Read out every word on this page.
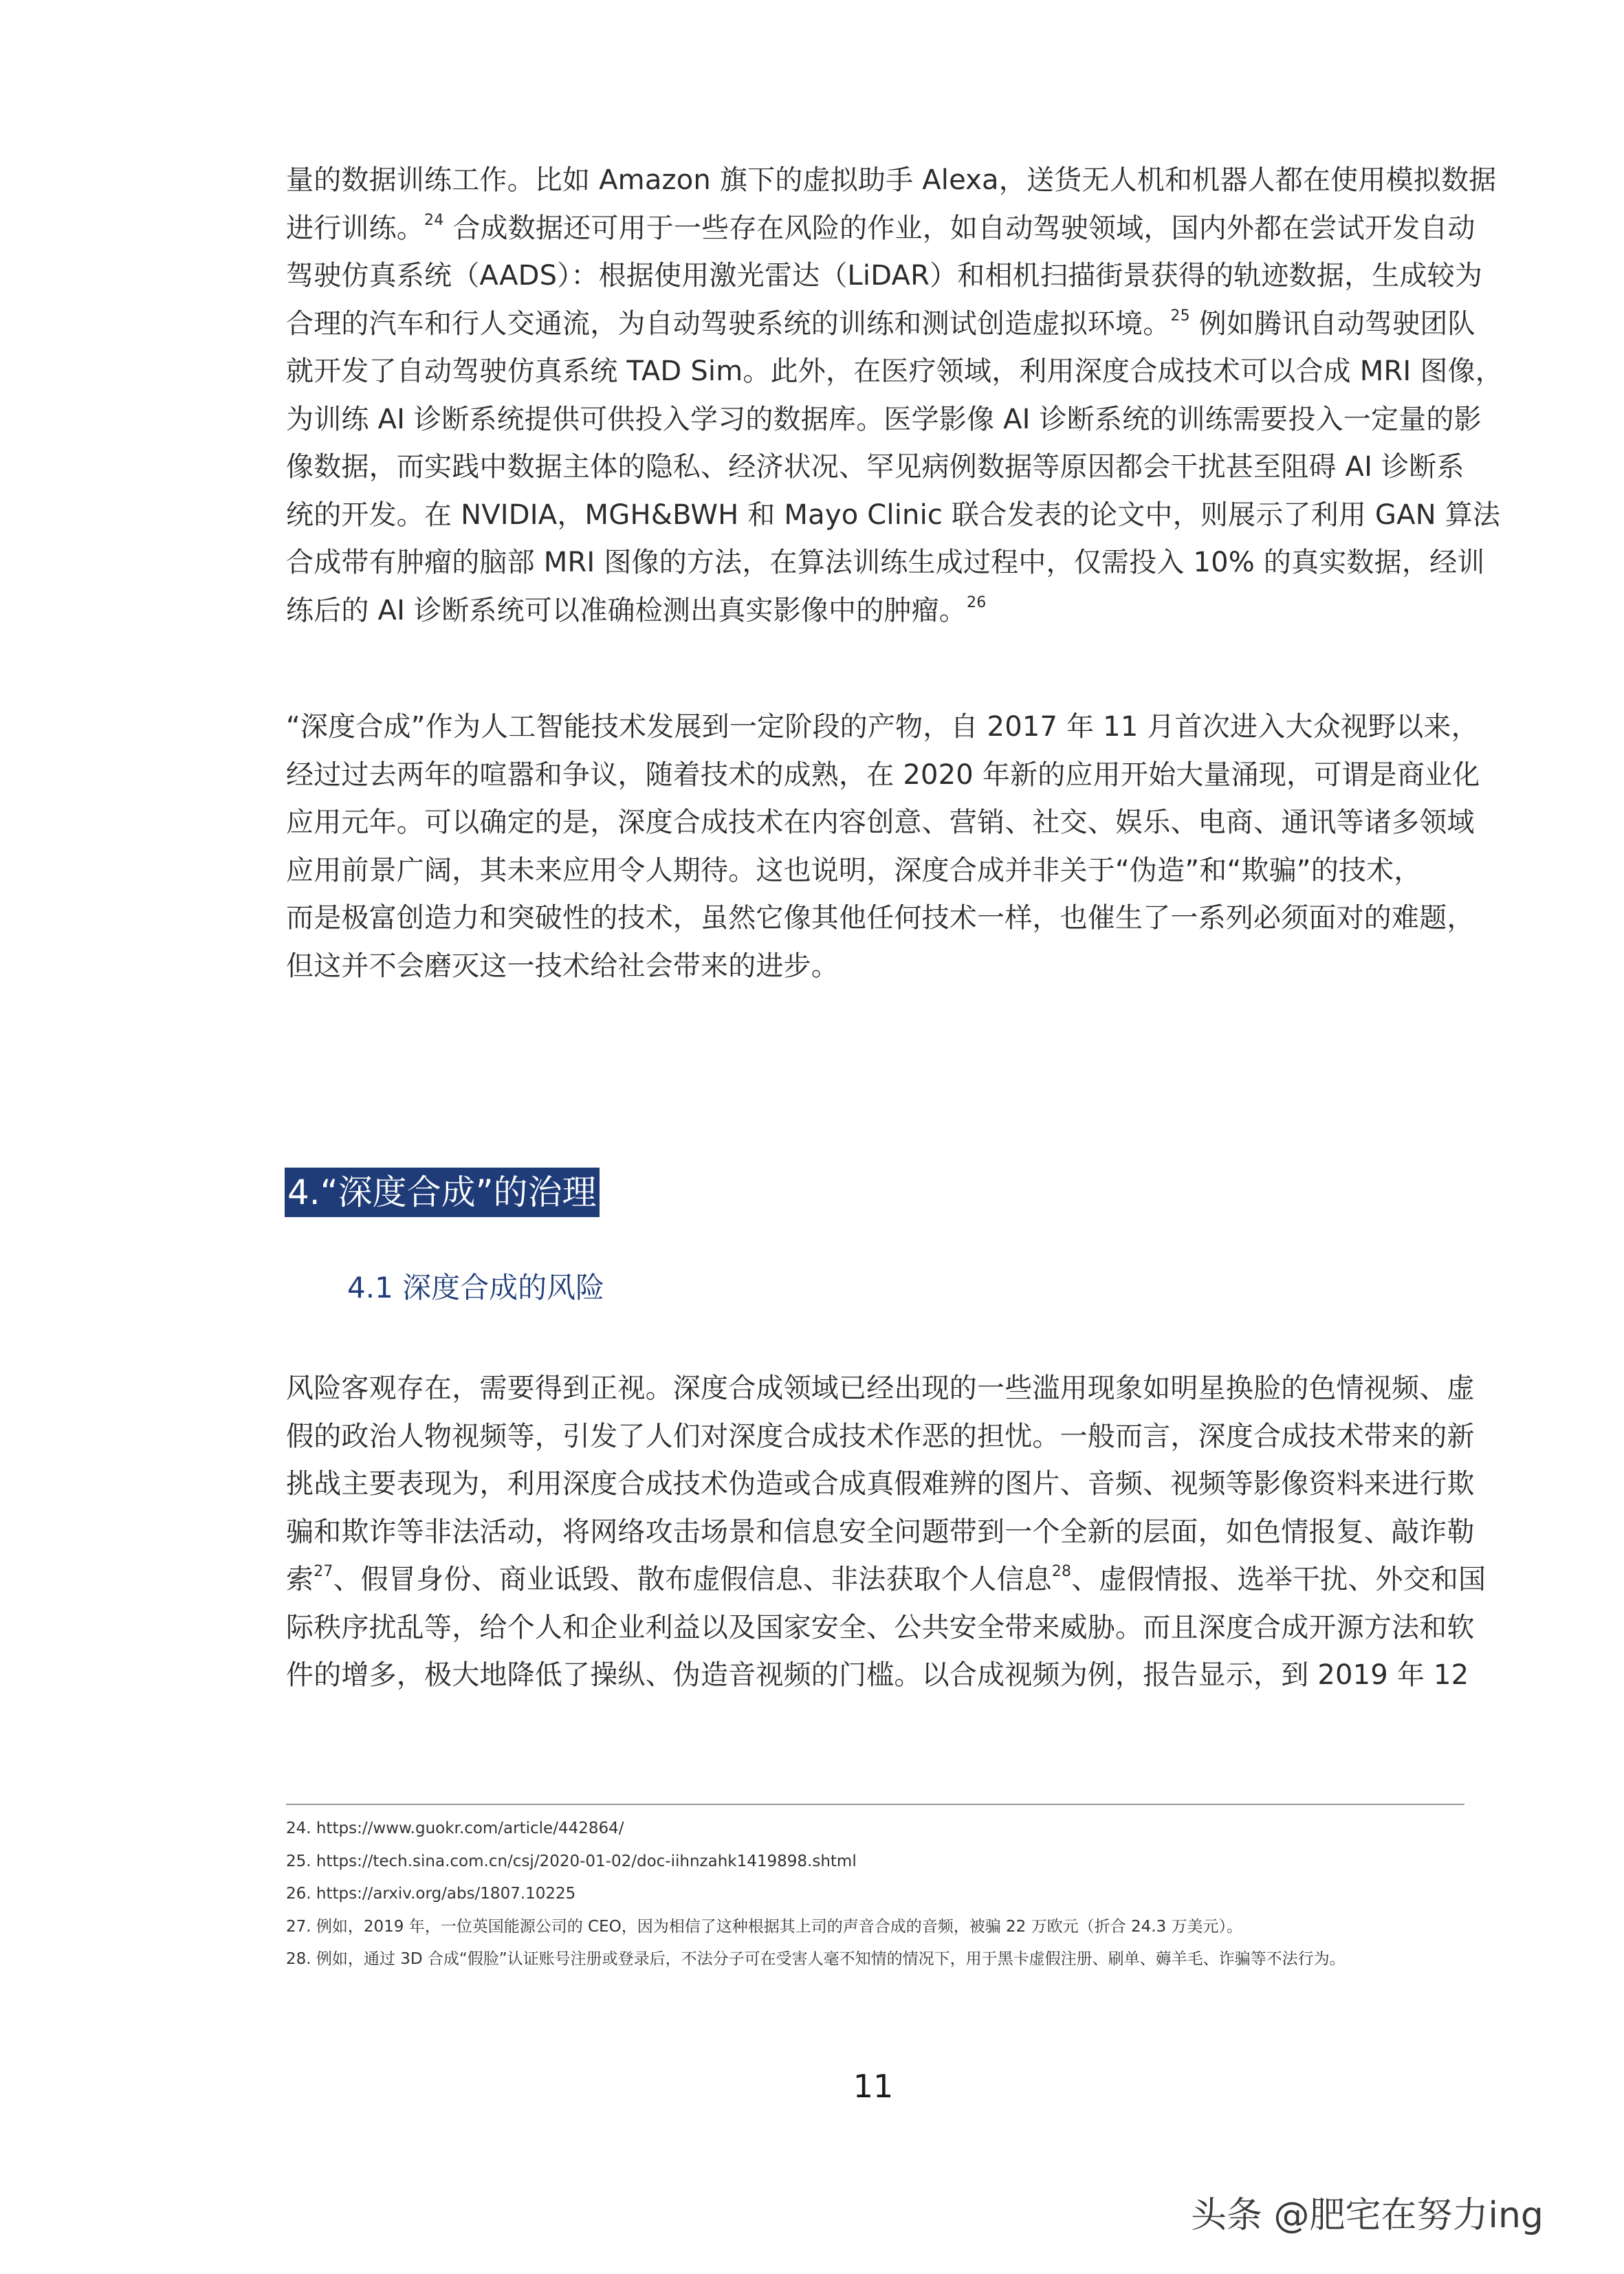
量的数据训练工作。比如 Amazon 旗下的虚拟助手 Alexa，送货无人机和机器人都在使用模拟数据
进行训练。$^{24}$ 合成数据还可用于一些存在风险的作业，如自动驾驶领域，国内外都在尝试开发自动
驾驶仿真系统（AADS）：根据使用激光雷达（LiDAR）和相机扫描街景获得的轨迹数据，生成较为
合理的汽车和行人交通流，为自动驾驶系统的训练和测试创造虚拟环境。$^{25}$ 例如腾讯自动驾驶团队
就开发了自动驾驶仿真系统 TAD Sim。此外，在医疗领域，利用深度合成技术可以合成 MRI 图像，
为训练 AI 诊断系统提供可供投入学习的数据库。医学影像 AI 诊断系统的训练需要投入一定量的影
像数据，而实践中数据主体的隐私、经济状况、罕见病例数据等原因都会干扰甚至阻碍 AI 诊断系
统的开发。在 NVIDIA，MGH&BWH 和 Mayo Clinic 联合发表的论文中，则展示了利用 GAN 算法
合成带有肿瘤的脑部 MRI 图像的方法，在算法训练生成过程中，仅需投入 10% 的真实数据，经训
练后的 AI 诊断系统可以准确检测出真实影像中的肿瘤。$^{26}$
“深度合成”作为人工智能技术发展到一定阶段的产物，自 2017 年 11 月首次进入大众视野以来，
经过过去两年的喧嚣和争议，随着技术的成熟，在 2020 年新的应用开始大量涌现，可谓是商业化
应用元年。可以确定的是，深度合成技术在内容创意、营销、社交、娱乐、电商、通讯等诸多领域
应用前景广阔，其未来应用令人期待。这也说明，深度合成并非关于“伪造”和“欺骗”的技术，
而是极富创造力和突破性的技术，虽然它像其他任何技术一样，也催生了一系列必须面对的难题，
但这并不会磨灭这一技术给社会带来的进步。
4.“深度合成”的治理
4.1 深度合成的风险
风险客观存在，需要得到正视。深度合成领域已经出现的一些滥用现象如明星换脸的色情视频、虚
假的政治人物视频等，引发了人们对深度合成技术作恶的担忧。一般而言，深度合成技术带来的新
挑战主要表现为，利用深度合成技术伪造或合成真假难辨的图片、音频、视频等影像资料来进行欺
骗和欺诈等非法活动，将网络攻击场景和信息安全问题带到一个全新的层面，如色情报复、敲诈勒
索$^{27}$、假冒身份、商业诋毁、散布虚假信息、非法获取个人信息$^{28}$、虚假情报、选举干扰、外交和国
际秩序扰乱等，给个人和企业利益以及国家安全、公共安全带来威胁。而且深度合成开源方法和软
件的增多，极大地降低了操纵、伪造音视频的门槛。以合成视频为例，报告显示，到 2019 年 12
24. https://www.guokr.com/article/442864/
25. https://tech.sina.com.cn/csj/2020-01-02/doc-iihnzahk1419898.shtml
26. https://arxiv.org/abs/1807.10225
27. 例如，2019 年，一位英国能源公司的 CEO，因为相信了这种根据其上司的声音合成的音频，被骗 22 万欧元（折合 24.3 万美元）。
28. 例如，通过 3D 合成“假脸”认证账号注册或登录后，不法分子可在受害人毫不知情的情况下，用于黑卡虚假注册、刷单、薅羊毛、诈骗等不法行为。
11
头条 @肥宅在努力ing
